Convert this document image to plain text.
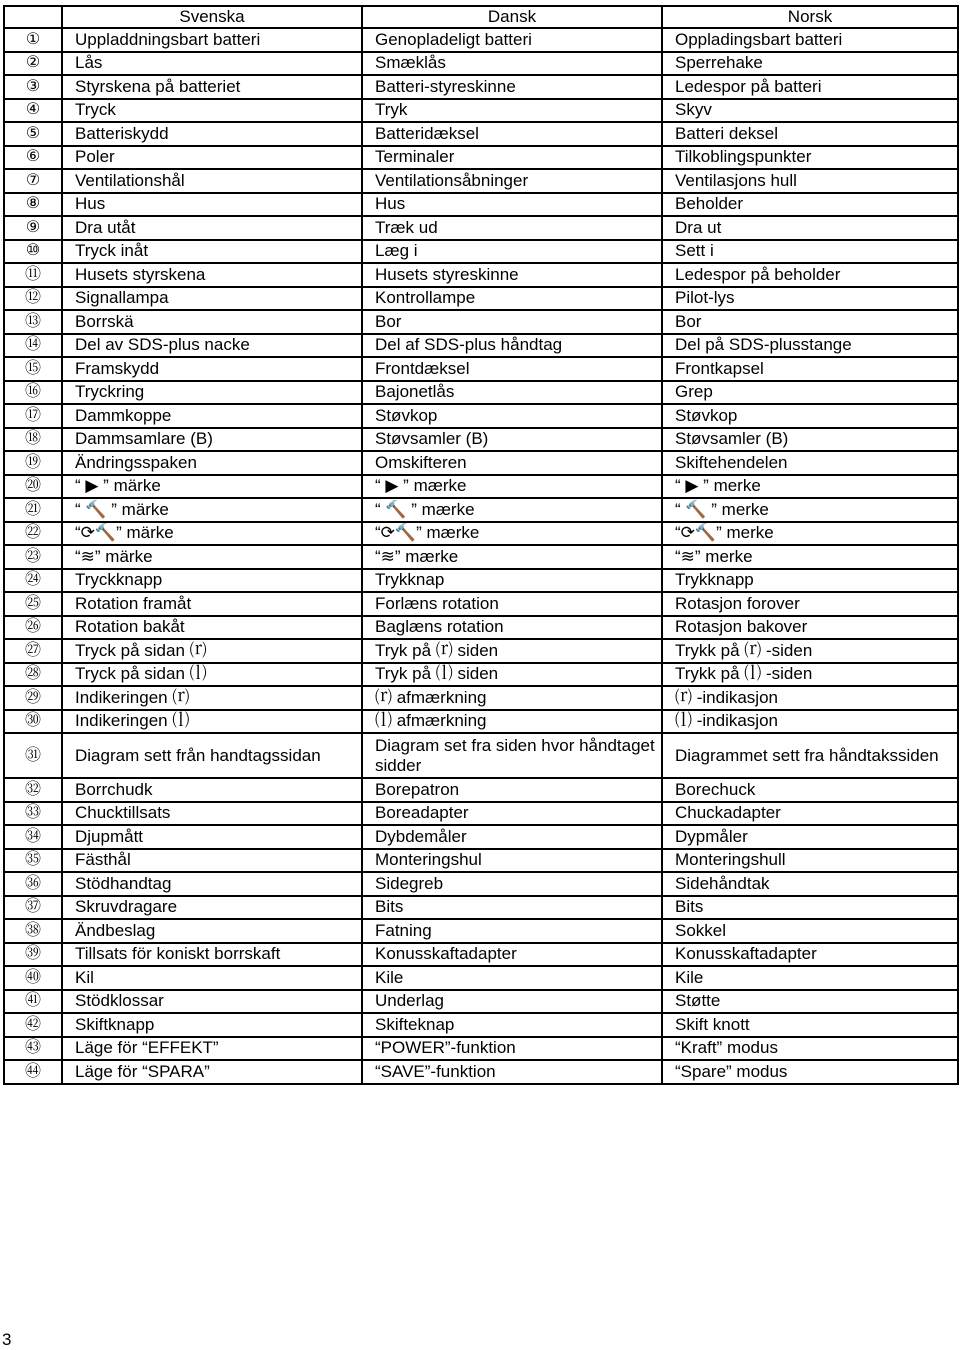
	Svenska	Dansk	Norsk
①	Uppladdningsbart batteri	Genopladeligt batteri	Oppladingsbart batteri
②	Lås	Smæklås	Sperrehake
③	Styrskena på batteriet	Batteri-styreskinne	Ledespor på batteri
④	Tryck	Tryk	Skyv
⑤	Batteriskydd	Batteridæksel	Batteri deksel
⑥	Poler	Terminaler	Tilkoblingspunkter
⑦	Ventilationshål	Ventilationsåbninger	Ventilasjons hull
⑧	Hus	Hus	Beholder
⑨	Dra utåt	Træk ud	Dra ut
⑩	Tryck inåt	Læg i	Sett i
⑪	Husets styrskena	Husets styreskinne	Ledespor på beholder
⑫	Signallampa	Kontrollampe	Pilot-lys
⑬	Borrskä	Bor	Bor
⑭	Del av SDS-plus nacke	Del af SDS-plus håndtag	Del på SDS-plusstange
⑮	Framskydd	Frontdæksel	Frontkapsel
⑯	Tryckring	Bajonetlås	Grep
⑰	Dammkoppe	Støvkop	Støvkop
⑱	Dammsamlare (B)	Støvsamler (B)	Støvsamler (B)
⑲	Ändringsspaken	Omskifteren	Skiftehendelen
⑳	“ ▶ ” märke	“ ▶ ” mærke	“ ▶ ” merke
㉑	“ 🔨 ” märke	“ 🔨 ” mærke	“ 🔨 ” merke
㉒	“⟳🔨” märke	“⟳🔨” mærke	“⟳🔨” merke
㉓	“≋” märke	“≋” mærke	“≋” merke
㉔	Tryckknapp	Trykknap	Trykknapp
㉕	Rotation framåt	Forlæns rotation	Rotasjon forover
㉖	Rotation bakåt	Baglæns rotation	Rotasjon bakover
㉗	Tryck på sidan ⒭	Tryk på ⒭ siden	Trykk på ⒭ -siden
㉘	Tryck på sidan ⒧	Tryk på ⒧ siden	Trykk på ⒧ -siden
㉙	Indikeringen ⒭	⒭ afmærkning	⒭ -indikasjon
㉚	Indikeringen ⒧	⒧ afmærkning	⒧ -indikasjon
㉛	Diagram sett från handtagssidan	Diagram set fra siden hvor håndtaget sidder	Diagrammet sett fra håndtakssiden
㉜	Borrchudk	Borepatron	Borechuck
㉝	Chucktillsats	Boreadapter	Chuckadapter
㉞	Djupmått	Dybdemåler	Dypmåler
㉟	Fästhål	Monteringshul	Monteringshull
㊱	Stödhandtag	Sidegreb	Sidehåndtak
㊲	Skruvdragare	Bits	Bits
㊳	Ändbeslag	Fatning	Sokkel
㊴	Tillsats för koniskt borrskaft	Konusskaftadapter	Konusskaftadapter
㊵	Kil	Kile	Kile
㊶	Stödklossar	Underlag	Støtte
㊷	Skiftknapp	Skifteknap	Skift knott
㊸	Läge för “EFFEKT”	“POWER”-funktion	“Kraft” modus
㊹	Läge för “SPARA”	“SAVE”-funktion	“Spare” modus
3
